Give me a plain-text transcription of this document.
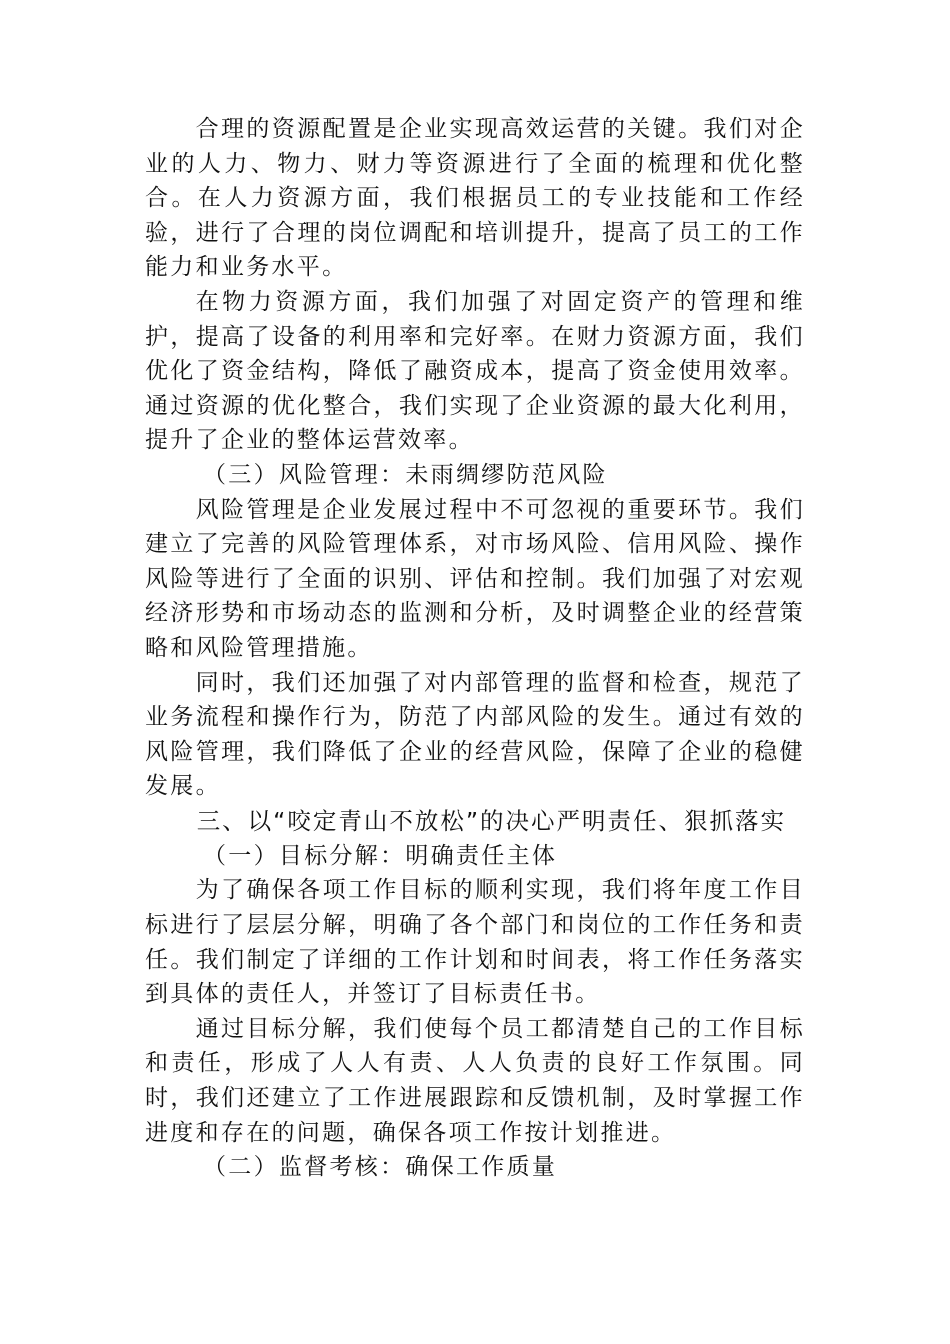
合理的资源配置是企业实现高效运营的关键。我们对企业的人力、物力、财力等资源进行了全面的梳理和优化整合。在人力资源方面，我们根据员工的专业技能和工作经验，进行了合理的岗位调配和培训提升，提高了员工的工作能力和业务水平。

在物力资源方面，我们加强了对固定资产的管理和维护，提高了设备的利用率和完好率。在财力资源方面，我们优化了资金结构，降低了融资成本，提高了资金使用效率。通过资源的优化整合，我们实现了企业资源的最大化利用，提升了企业的整体运营效率。

（三）风险管理：未雨绸缪防范风险

风险管理是企业发展过程中不可忽视的重要环节。我们建立了完善的风险管理体系，对市场风险、信用风险、操作风险等进行了全面的识别、评估和控制。我们加强了对宏观经济形势和市场动态的监测和分析，及时调整企业的经营策略和风险管理措施。

同时，我们还加强了对内部管理的监督和检查，规范了业务流程和操作行为，防范了内部风险的发生。通过有效的风险管理，我们降低了企业的经营风险，保障了企业的稳健发展。

三、以“咬定青山不放松”的决心严明责任、狠抓落实

（一）目标分解：明确责任主体

为了确保各项工作目标的顺利实现，我们将年度工作目标进行了层层分解，明确了各个部门和岗位的工作任务和责任。我们制定了详细的工作计划和时间表，将工作任务落实到具体的责任人，并签订了目标责任书。

通过目标分解，我们使每个员工都清楚自己的工作目标和责任，形成了人人有责、人人负责的良好工作氛围。同时，我们还建立了工作进展跟踪和反馈机制，及时掌握工作进度和存在的问题，确保各项工作按计划推进。

（二）监督考核：确保工作质量
